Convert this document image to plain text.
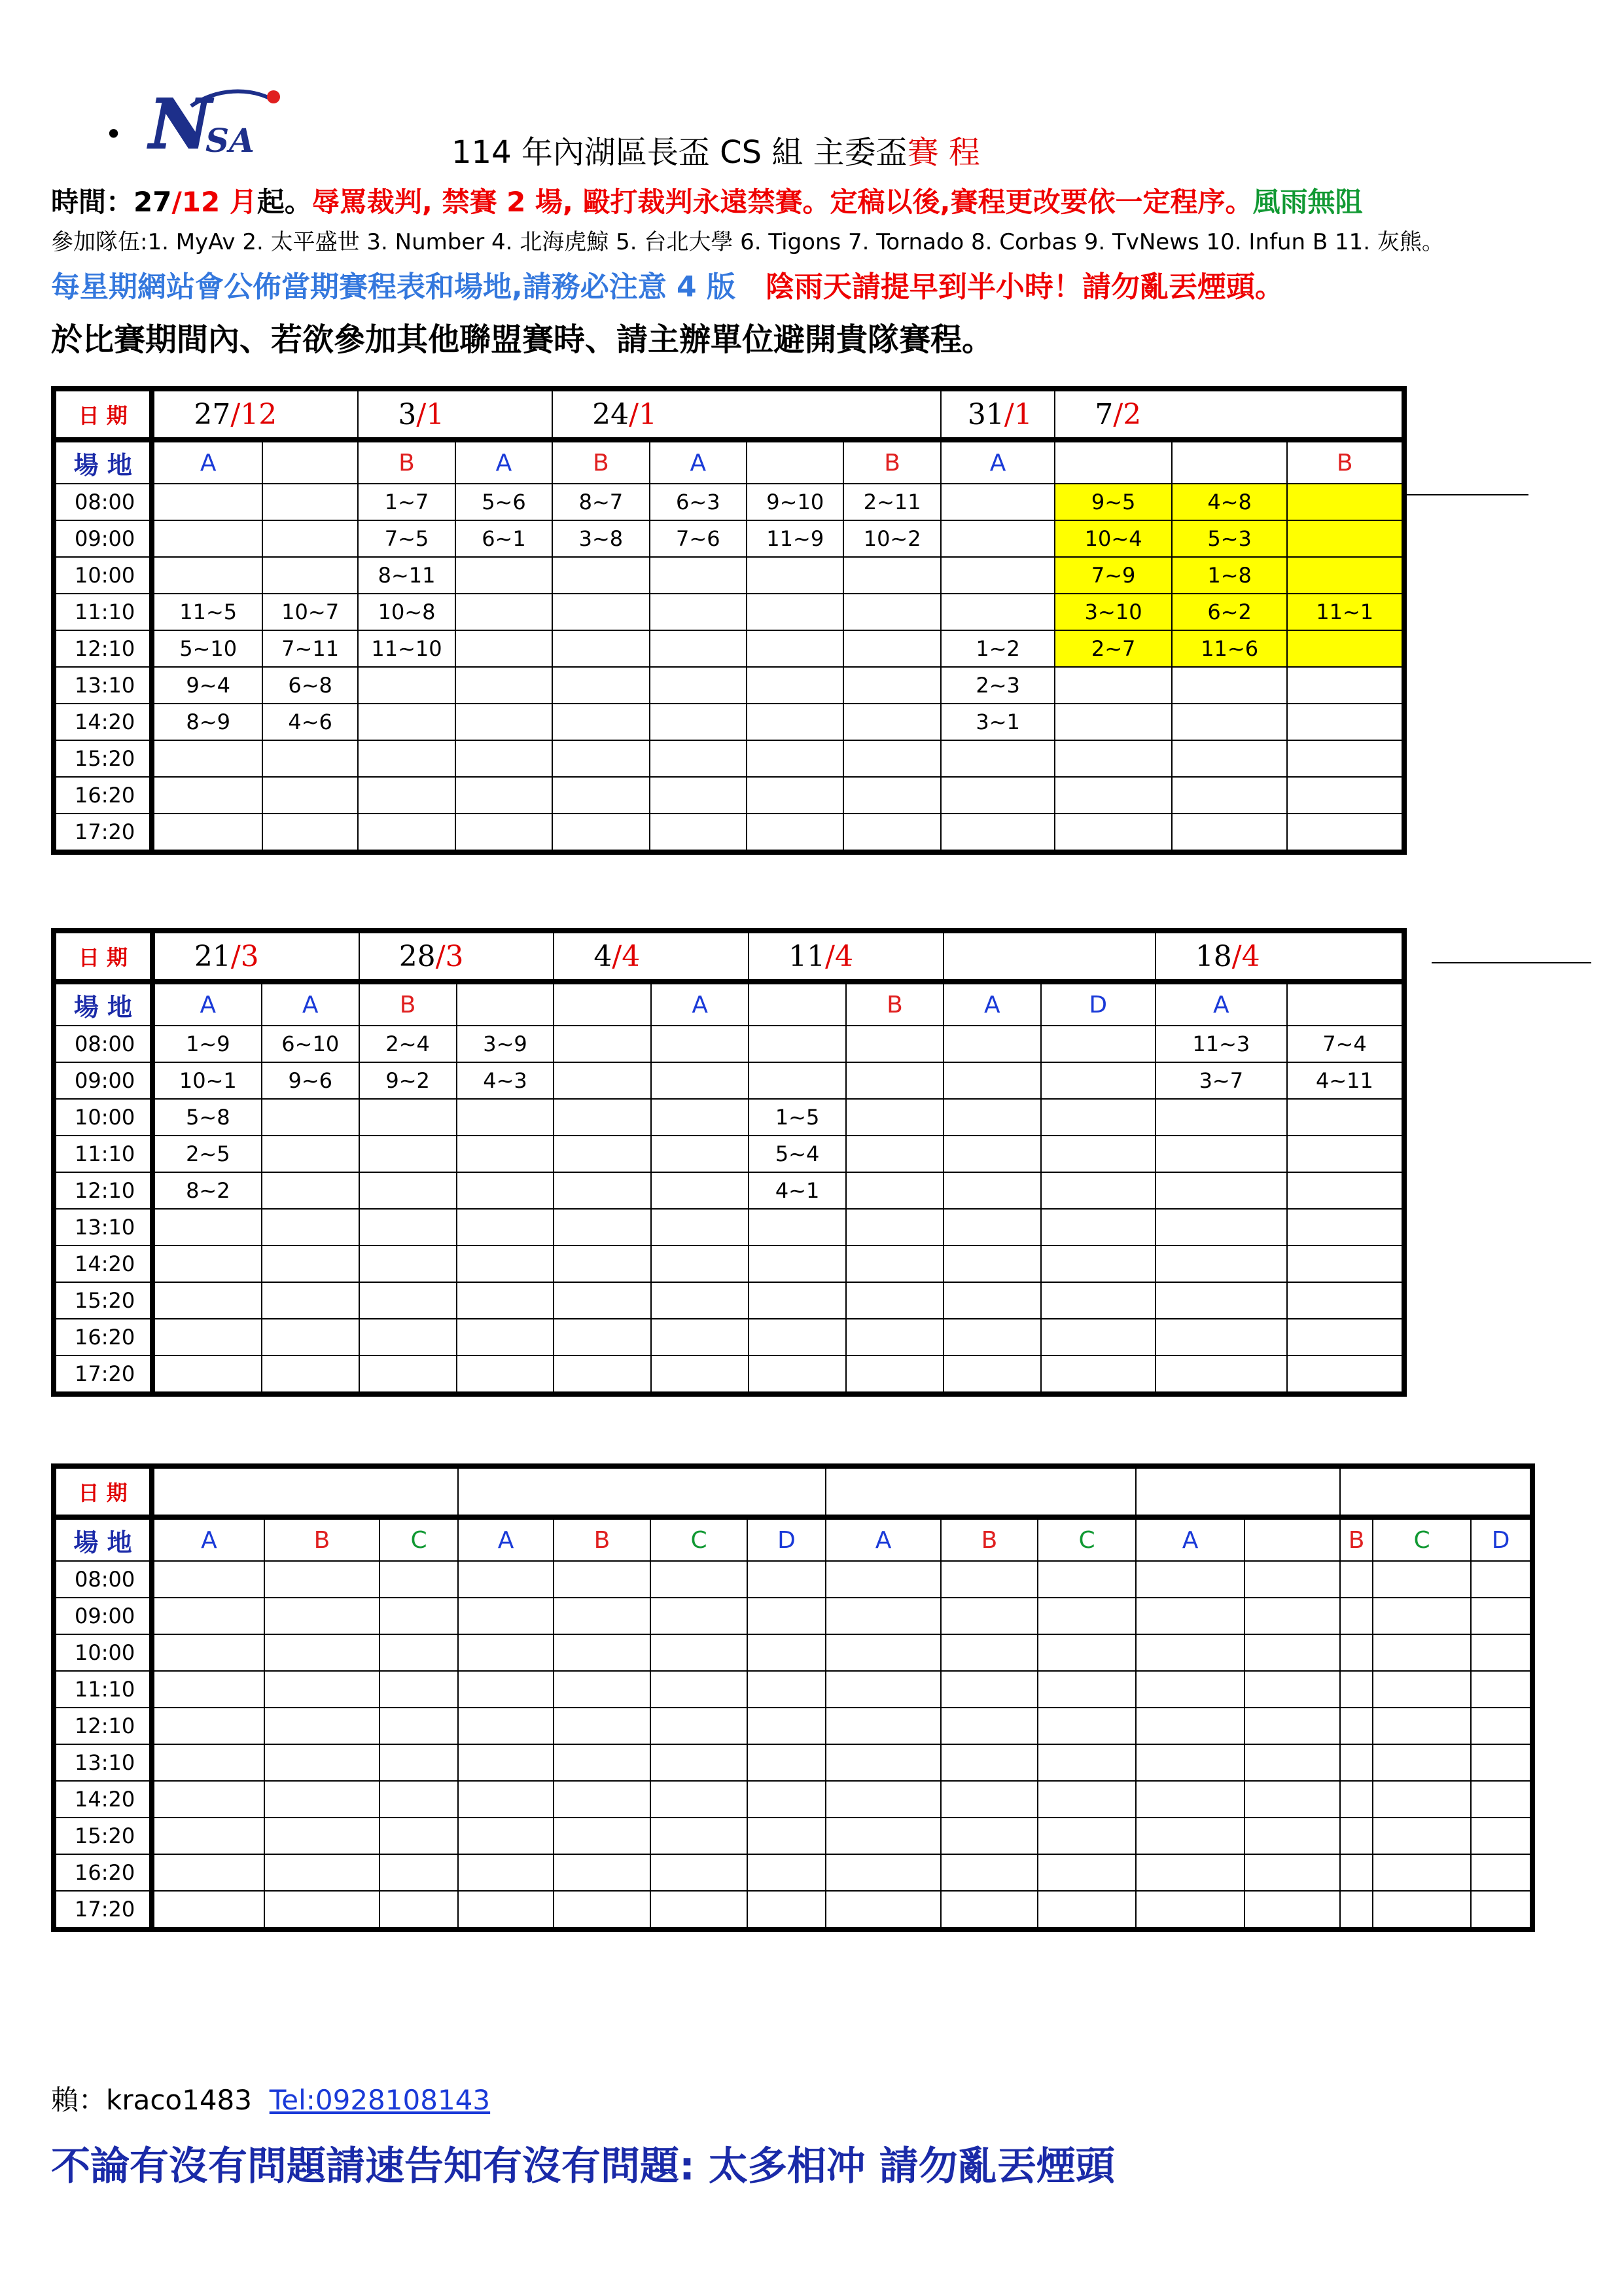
• N
SA	114 年內湖區長盃 CS 組 主委盃賽 程
時間：27/12 月起。辱罵裁判, 禁賽 2 場, 毆打裁判永遠禁賽。定稿以後,賽程更改要依一定程序。風雨無阻
參加隊伍:1. MyAv 2. 太平盛世 3. Number 4. 北海虎鯨 5. 台北大學 6. Tigons 7. Tornado 8. Corbas 9. TvNews 10. Infun B 11. 灰熊。
每星期網站會公佈當期賽程表和場地,請務必注意 4 版 陰雨天請提早到半小時！請勿亂丟煙頭。
於比賽期間內、若欲參加其他聯盟賽時、請主辦單位避開貴隊賽程。
日 期	27/12		3/1		24/1				31/1	7/2		
場 地	A		B	A	B	A		B	A			B
08:00			1~7	5~6	8~7	6~3	9~10	2~11		9~5	4~8	
09:00			7~5	6~1	3~8	7~6	11~9	10~2		10~4	5~3	
10:00			8~11							7~9	1~8	
11:10	11~5	10~7	10~8							3~10	6~2	11~1
12:10	5~10	7~11	11~10						1~2	2~7	11~6	
13:10	9~4	6~8							2~3			
14:20	8~9	4~6							3~1			
15:20												
16:20												
17:20												
日 期	21/3		28/3		4/4		11/4				18/4	
場 地	A	A	B			A		B	A	D	A	
08:00	1~9	6~10	2~4	3~9							11~3	7~4
09:00	10~1	9~6	9~2	4~3							3~7	4~11
10:00	5~8						1~5					
11:10	2~5						5~4					
12:10	8~2						4~1					
13:10												
14:20												
15:20												
16:20												
17:20												
日 期															
場 地	A	B	C	A	B	C	D	A	B	C	A		B	C	D
08:00															
09:00															
10:00															
11:10															
12:10															
13:10															
14:20															
15:20															
16:20															
17:20															
賴：kraco1483 Tel:0928108143
不論有沒有問題請速告知有沒有問題: 太多相冲 請勿亂丟煙頭
